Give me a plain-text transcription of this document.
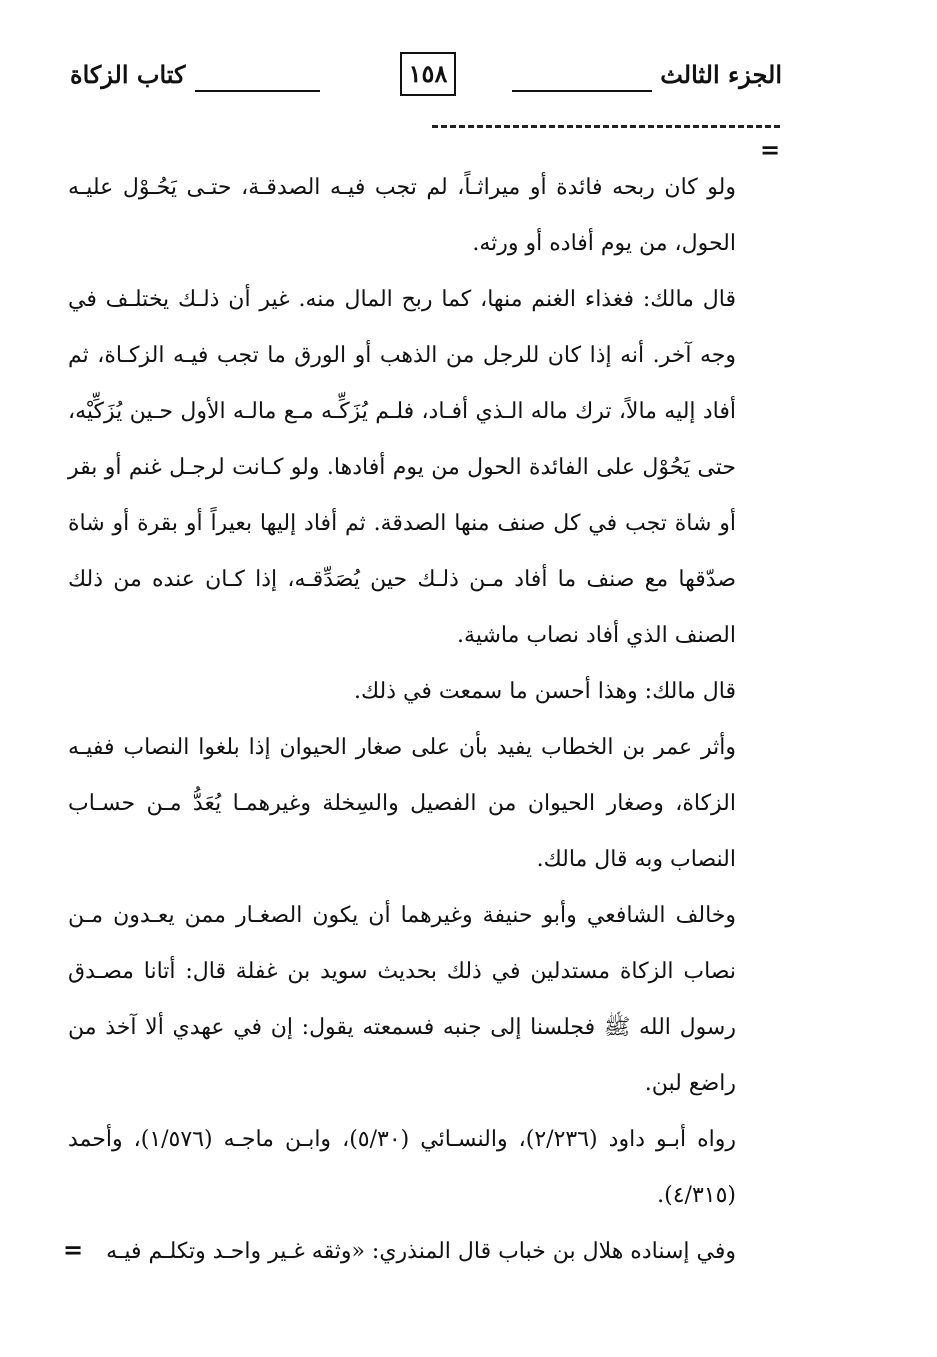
الجزء الثالث
١٥٨
كتاب الزكاة
=

ولو كان ربحه فائدة أو ميراثـاً، لم تجب فيـه الصدقـة، حتـى يَحُـوْل عليـه الحول، من يوم أفاده أو ورثه.

قال مالك: فغذاء الغنم منها، كما ربح المال منه. غير أن ذلـك يختلـف في وجه آخر. أنه إذا كان للرجل من الذهب أو الورق ما تجب فيـه الزكـاة، ثم أفاد إليه مالاً، ترك ماله الـذي أفـاد، فلـم يُزَكِّـه مـع مالـه الأول حـين يُزَكِّيْه، حتى يَحُوْل على الفائدة الحول من يوم أفادها. ولو كـانت لرجـل غنم أو بقر أو شاة تجب في كل صنف منها الصدقة. ثم أفاد إليها بعيراً أو بقرة أو شاة صدّقها مع صنف ما أفاد مـن ذلـك حين يُصَدِّقـه، إذا كـان عنده من ذلك الصنف الذي أفاد نصاب ماشية.

قال مالك: وهذا أحسن ما سمعت في ذلك.

وأثر عمر بن الخطاب يفيد بأن على صغار الحيوان إذا بلغوا النصاب ففيـه الزكاة، وصغار الحيوان من الفصيل والسِخلة وغيرهمـا يُعَدُّ مـن حسـاب النصاب وبه قال مالك.

وخالف الشافعي وأبو حنيفة وغيرهما أن يكون الصغـار ممن يعـدون مـن نصاب الزكاة مستدلين في ذلك بحديث سويد بن غفلة قال: أتانا مصـدق رسول الله ﷺ فجلسنا إلى جنبه فسمعته يقول: إن في عهدي ألا آخذ من راضع لبن.

رواه أبـو داود (٢/٢٣٦)، والنسـائي (٥/٣٠)، وابـن ماجـه (١/٥٧٦)، وأحمد (٤/٣١٥).

وفي إسناده هلال بن خباب قال المنذري: «وثقه غـير واحـد وتكلـم فيـه

=
